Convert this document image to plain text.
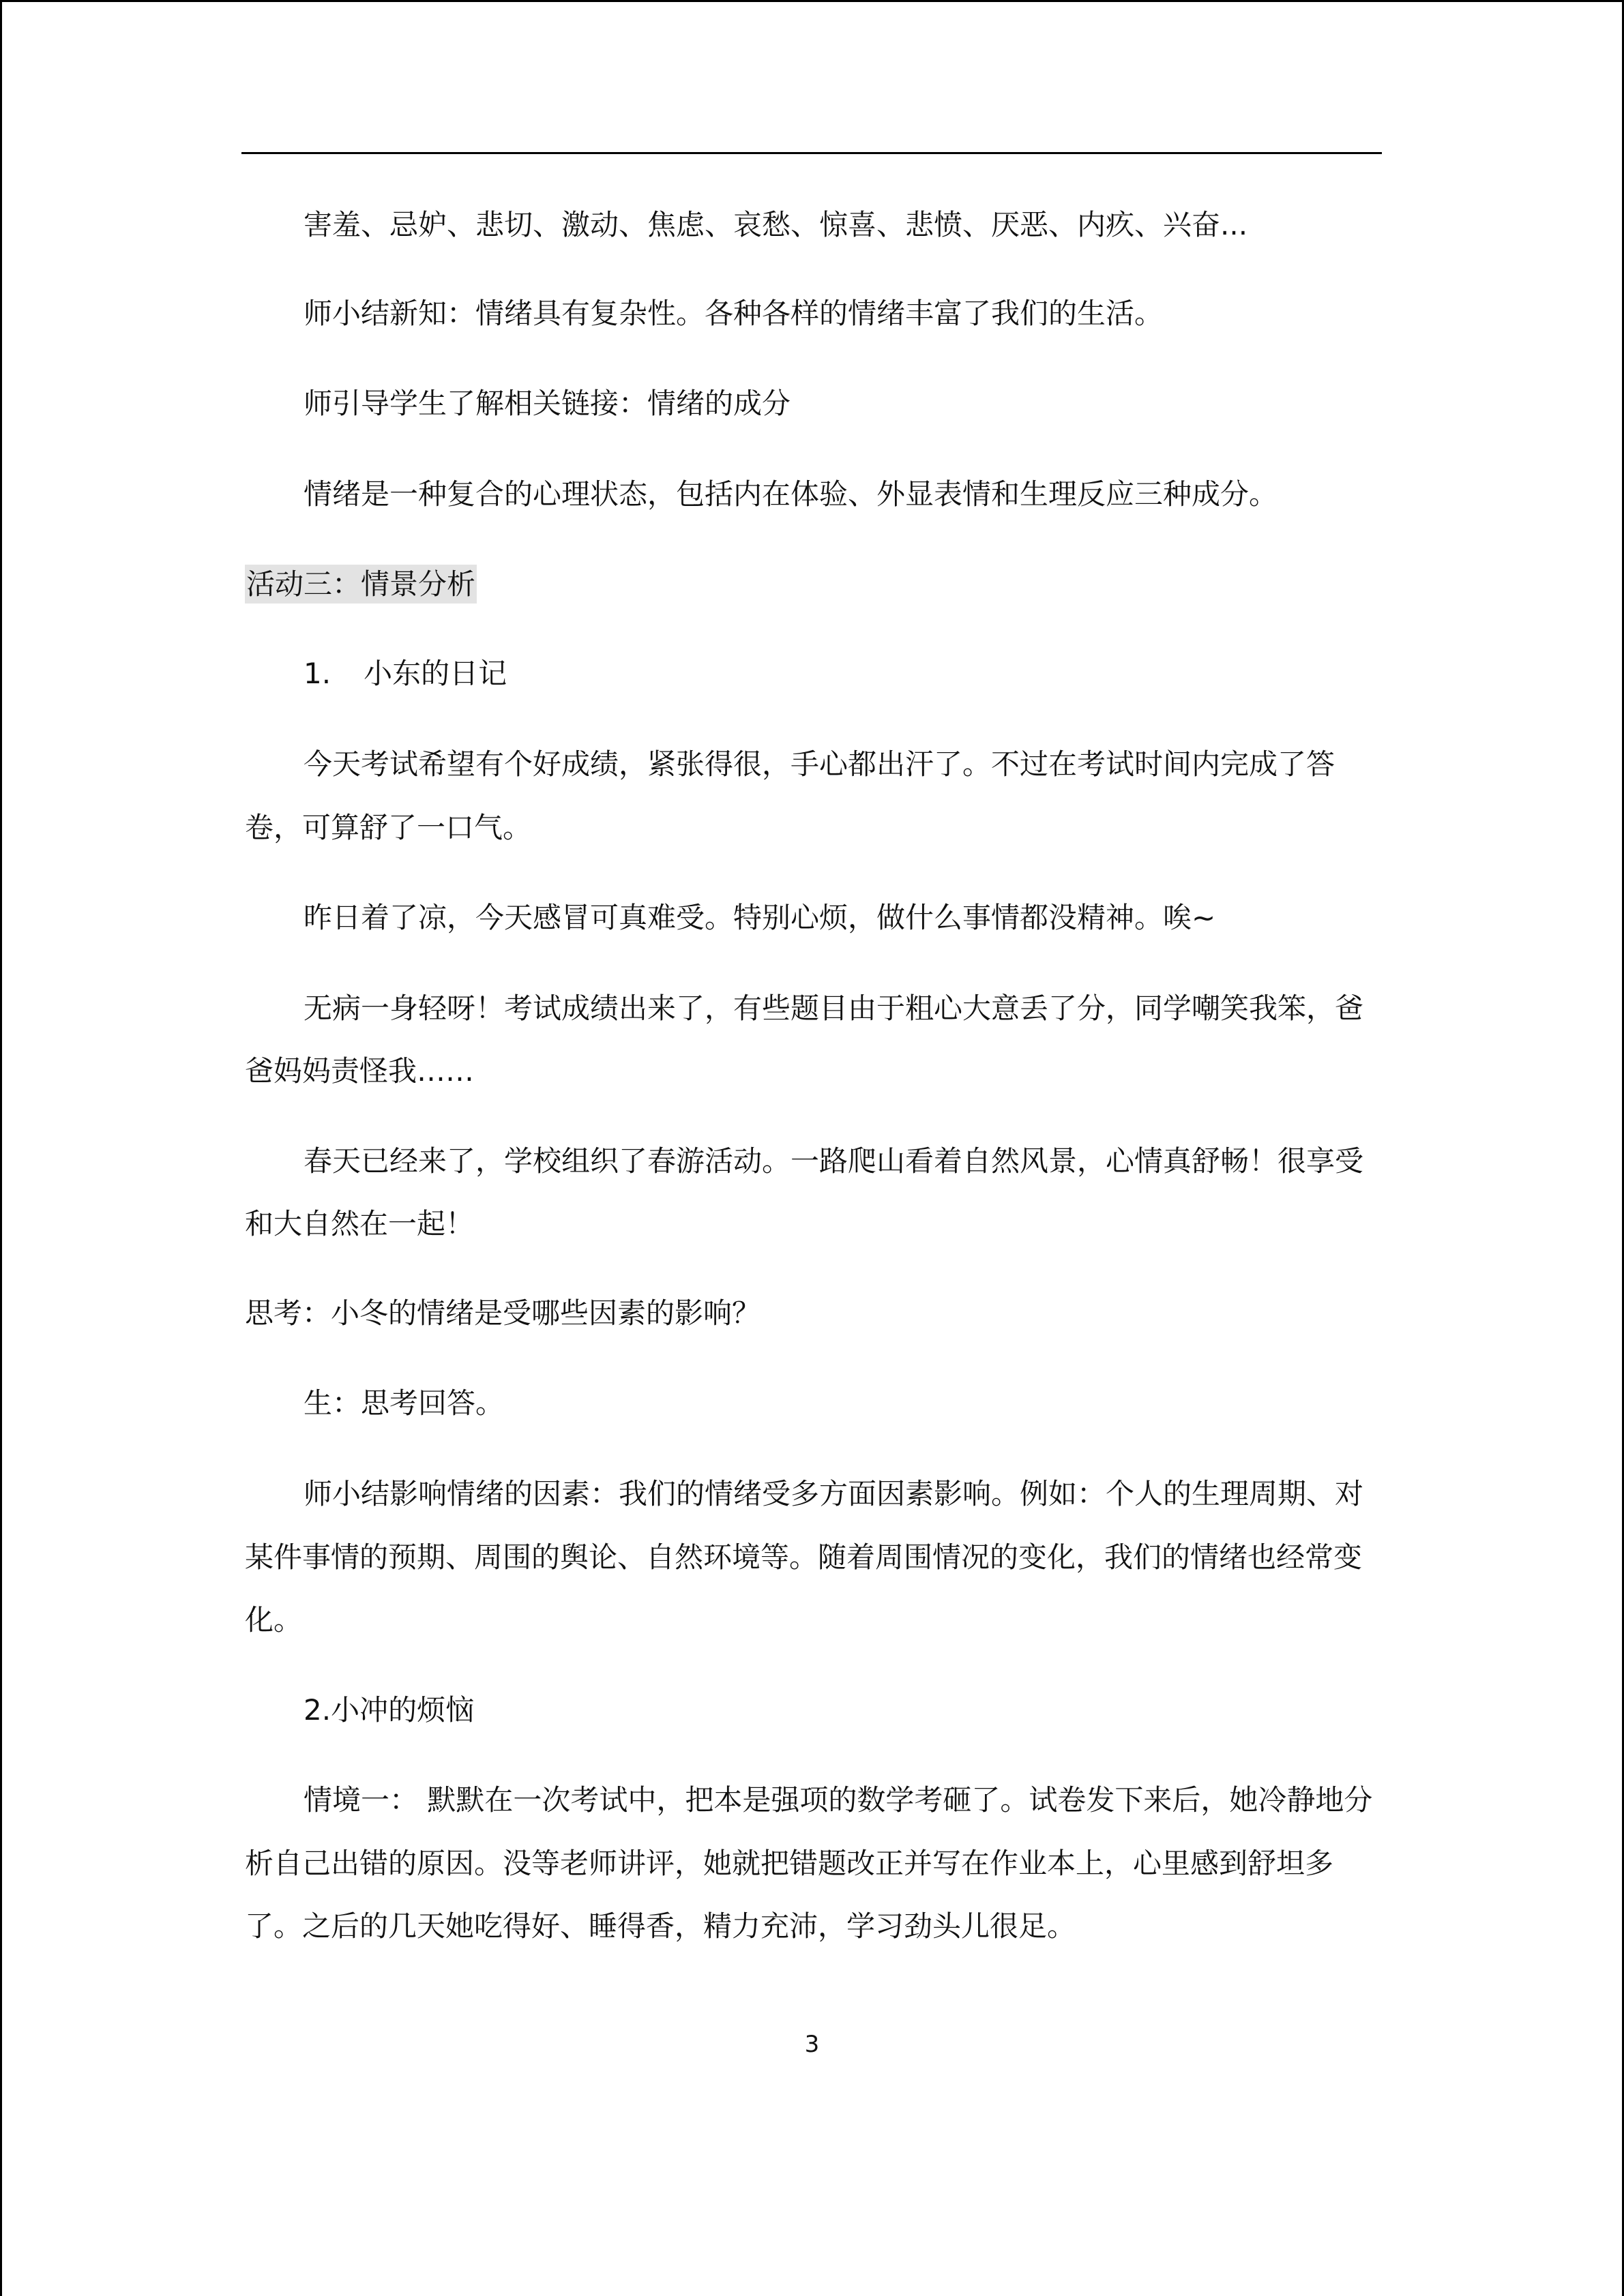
害羞、忌妒、悲切、激动、焦虑、哀愁、惊喜、悲愤、厌恶、内疚、兴奋...
师小结新知：情绪具有复杂性。各种各样的情绪丰富了我们的生活。
师引导学生了解相关链接：情绪的成分
情绪是一种复合的心理状态，包括内在体验、外显表情和生理反应三种成分。
活动三：情景分析
1. 小东的日记
今天考试希望有个好成绩，紧张得很，手心都出汗了。不过在考试时间内完成了答
卷，可算舒了一口气。
昨日着了凉，今天感冒可真难受。特别心烦，做什么事情都没精神。唉~
无病一身轻呀！考试成绩出来了，有些题目由于粗心大意丢了分，同学嘲笑我笨，爸
爸妈妈责怪我……
春天已经来了，学校组织了春游活动。一路爬山看着自然风景，心情真舒畅！很享受
和大自然在一起！
思考：小冬的情绪是受哪些因素的影响？
生：思考回答。
师小结影响情绪的因素：我们的情绪受多方面因素影响。例如：个人的生理周期、对
某件事情的预期、周围的舆论、自然环境等。随着周围情况的变化，我们的情绪也经常变
化。
2.小冲的烦恼
情境一： 默默在一次考试中，把本是强项的数学考砸了。试卷发下来后，她冷静地分
析自己出错的原因。没等老师讲评，她就把错题改正并写在作业本上，心里感到舒坦多
了。之后的几天她吃得好、睡得香，精力充沛，学习劲头儿很足。
3
